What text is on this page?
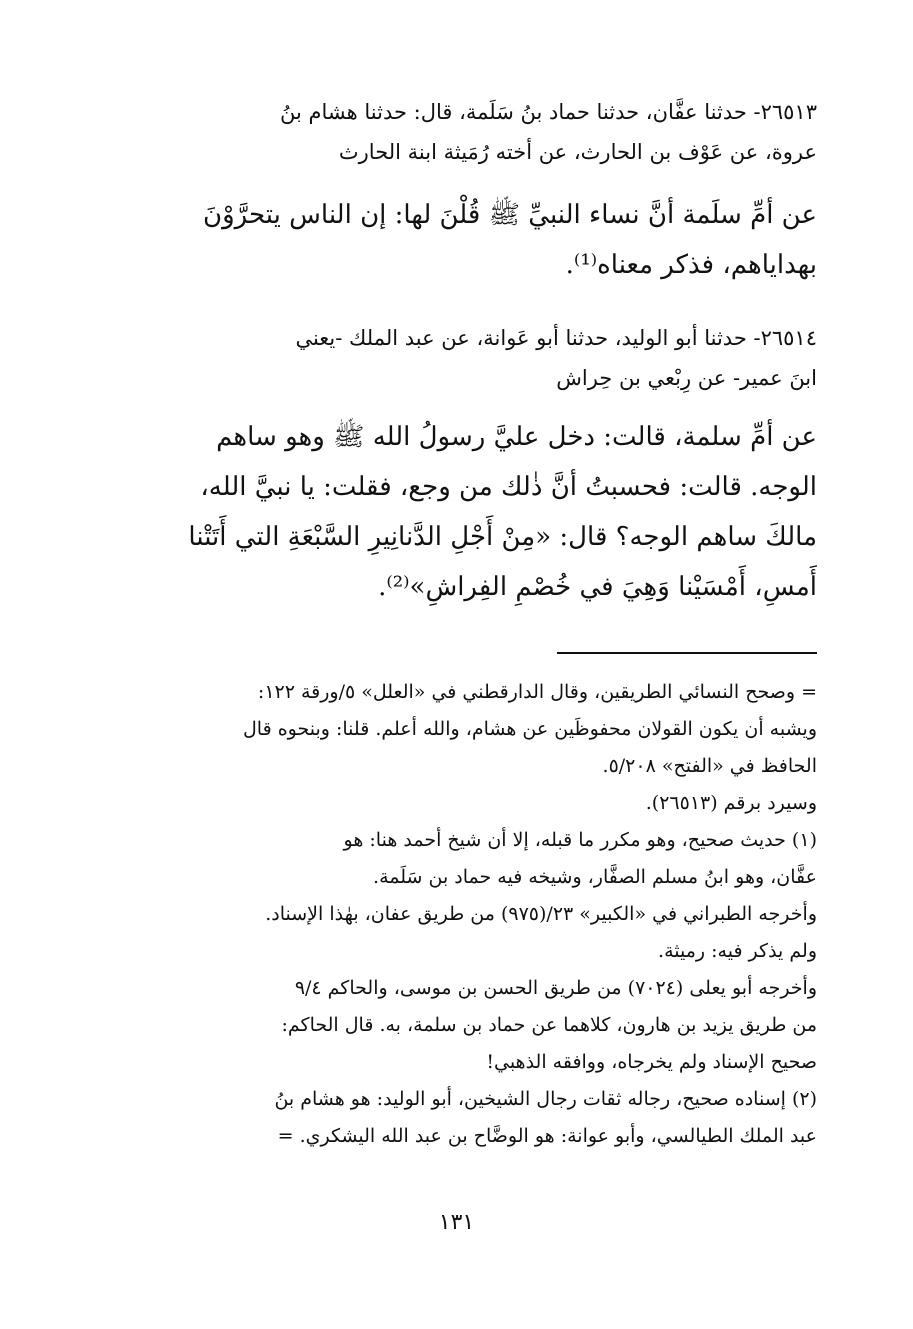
٢٦٥١٣- حدثنا عفَّان، حدثنا حماد بنُ سَلَمة، قال: حدثنا هشام بنُ
عروة، عن عَوْف بن الحارث، عن أخته رُمَيثة ابنة الحارث
عن أمِّ سلَمة أنَّ نساء النبيِّ ﷺ قُلْنَ لها: إن الناس يتحرَّوْنَ
بهداياهم، فذكر معناه⁽¹⁾.
٢٦٥١٤- حدثنا أبو الوليد، حدثنا أبو عَوانة، عن عبد الملك -يعني
ابنَ عمير- عن رِبْعي بن حِراش
عن أمِّ سلمة، قالت: دخل عليَّ رسولُ الله ﷺ وهو ساهم
الوجه. قالت: فحسبتُ أنَّ ذٰلك من وجع، فقلت: يا نبيَّ الله،
مالكَ ساهم الوجه؟ قال: «مِنْ أَجْلِ الدَّنانِيرِ السَّبْعَةِ التي أَتَتْنا
أَمسِ، أَمْسَيْنا وَهِيَ في خُصْمِ الفِراشِ»⁽²⁾.
= وصحح النسائي الطريقين، وقال الدارقطني في «العلل» ٥/ورقة ١٢٢:
ويشبه أن يكون القولان محفوظَين عن هشام، والله أعلم. قلنا: وبنحوه قال
الحافظ في «الفتح» ٥/٢٠٨.
وسيرد برقم (٢٦٥١٣).
(١) حديث صحيح، وهو مكرر ما قبله، إلا أن شيخ أحمد هنا: هو
عفَّان، وهو ابنُ مسلم الصفَّار، وشيخه فيه حماد بن سَلَمة.
وأخرجه الطبراني في «الكبير» ٢٣/(٩٧٥) من طريق عفان، بهٰذا الإسناد.
ولم يذكر فيه: رميثة.
وأخرجه أبو يعلى (٧٠٢٤) من طريق الحسن بن موسى، والحاكم ٩/٤
من طريق يزيد بن هارون، كلاهما عن حماد بن سلمة، به. قال الحاكم:
صحيح الإسناد ولم يخرجاه، ووافقه الذهبي!
(٢) إسناده صحيح، رجاله ثقات رجال الشيخين، أبو الوليد: هو هشام بنُ
عبد الملك الطيالسي، وأبو عوانة: هو الوضَّاح بن عبد الله اليشكري. =
١٣١
